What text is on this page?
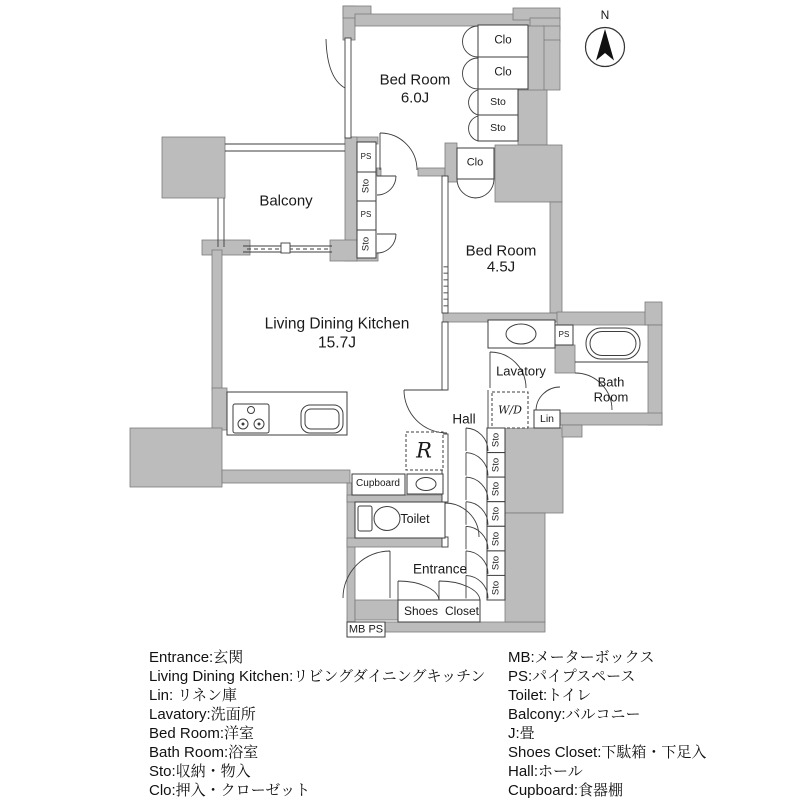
N
Bed Room
6.0J
Clo
Clo
Sto
Sto
Clo
PS
Sto
PS
Sto
Balcony
Bed Room
4.5J
Living Dining Kitchen
15.7J
Lavatory
PS
Bath
Room
Hall
W/D
Lin
R
Cupboard
Toilet
Sto
Sto
Sto
Sto
Sto
Sto
Sto
Entrance
Shoes Closet
MB PS
Entrance:玄関
Living Dining Kitchen:リビングダイニングキッチン
Lin: リネン庫
Lavatory:洗面所
Bed Room:洋室
Bath Room:浴室
Sto:収納・物入
Clo:押入・クローゼット
MB:メーターボックス
PS:パイプスペース
Toilet:トイレ
Balcony:バルコニー
J:畳
Shoes Closet:下駄箱・下足入
Hall:ホール
Cupboard:食器棚
